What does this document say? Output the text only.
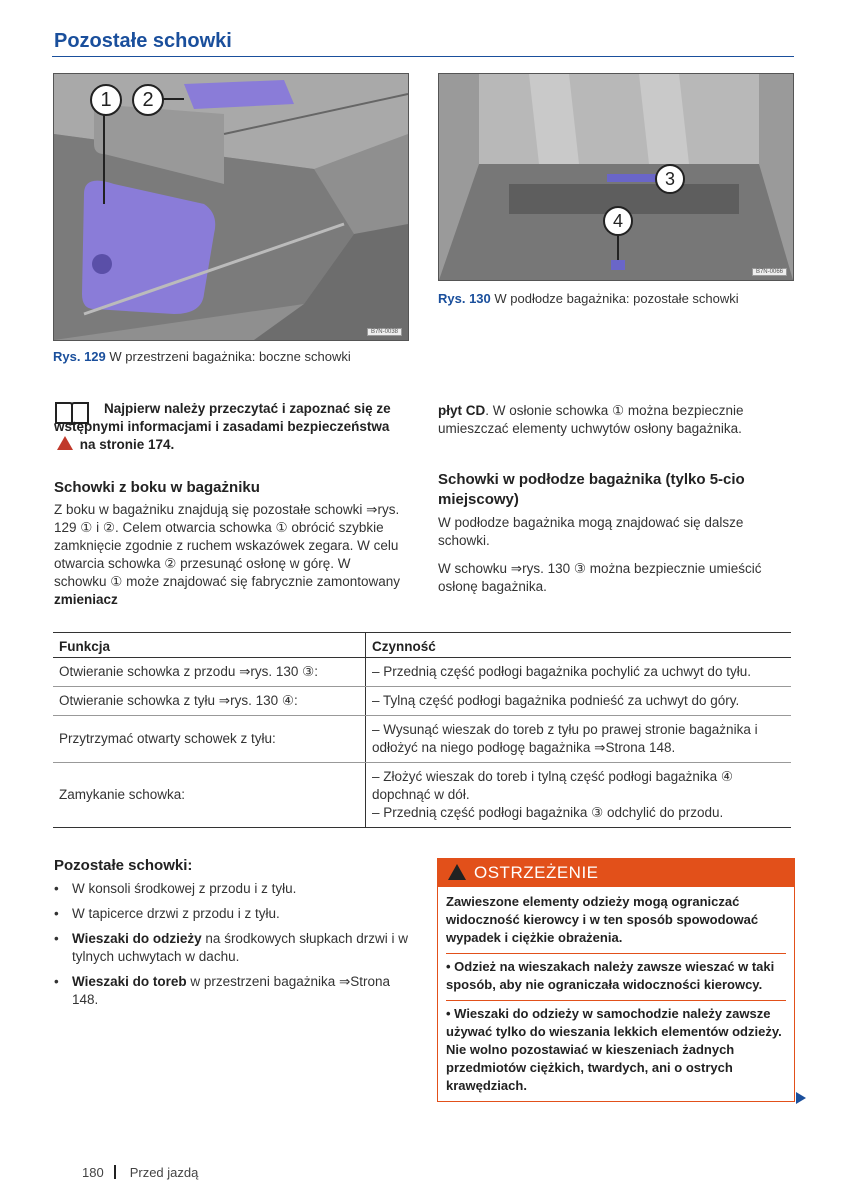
Pozostałe schowki
1	2
B7N-0038
Rys. 129 W przestrzeni bagażnika: boczne schowki
3
4
B7N-0066
Rys. 130 W podłodze bagażnika: pozostałe schowki
Najpierw należy przeczytać i zapoznać się ze wstępnymi informacjami i zasadami bezpieczeństwa  na stronie 174.
Schowki z boku w bagażniku
Z boku w bagażniku znajdują się pozostałe schowki ⇒rys. 129 ① i ②. Celem otwarcia schowka ① obrócić szybkie zamknięcie zgodnie z ruchem wskazówek zegara. W celu otwarcia schowka ② przesunąć osłonę w górę. W schowku ① może znajdować się fabrycznie zamontowany zmieniacz
płyt CD. W osłonie schowka ① można bezpiecznie umieszczać elementy uchwytów osłony bagażnika.
Schowki w podłodze bagażnika (tylko 5-cio miejscowy)
W podłodze bagażnika mogą znajdować się dalsze schowki.
W schowku ⇒rys. 130 ③ można bezpiecznie umieścić osłonę bagażnika.
Funkcja	Czynność
Otwieranie schowka z przodu ⇒rys. 130 ③:	– Przednią część podłogi bagażnika pochylić za uchwyt do tyłu.
Otwieranie schowka z tyłu ⇒rys. 130 ④:	– Tylną część podłogi bagażnika podnieść za uchwyt do góry.
Przytrzymać otwarty schowek z tyłu:	– Wysunąć wieszak do toreb z tyłu po prawej stronie bagażnika i odłożyć na niego podłogę bagażnika ⇒Strona 148.
Zamykanie schowka:	– Złożyć wieszak do toreb i tylną część podłogi bagażnika ④ dopchnąć w dół.
– Przednią część podłogi bagażnika ③ odchylić do przodu.
Pozostałe schowki:
• W konsoli środkowej z przodu i z tyłu.
• W tapicerce drzwi z przodu i z tyłu.
• Wieszaki do odzieży na środkowych słupkach drzwi i w tylnych uchwytach w dachu.
• Wieszaki do toreb w przestrzeni bagażnika ⇒Strona 148.
OSTRZEŻENIE

Zawieszone elementy odzieży mogą ograniczać widoczność kierowcy i w ten sposób spowodować wypadek i ciężkie obrażenia.

• Odzież na wieszakach należy zawsze wieszać w taki sposób, aby nie ograniczała widoczności kierowcy.

• Wieszaki do odzieży w samochodzie należy zawsze używać tylko do wieszania lekkich elementów odzieży. Nie wolno pozostawiać w kieszeniach żadnych przedmiotów ciężkich, twardych, ani o ostrych krawędziach.

180 Przed jazdą
